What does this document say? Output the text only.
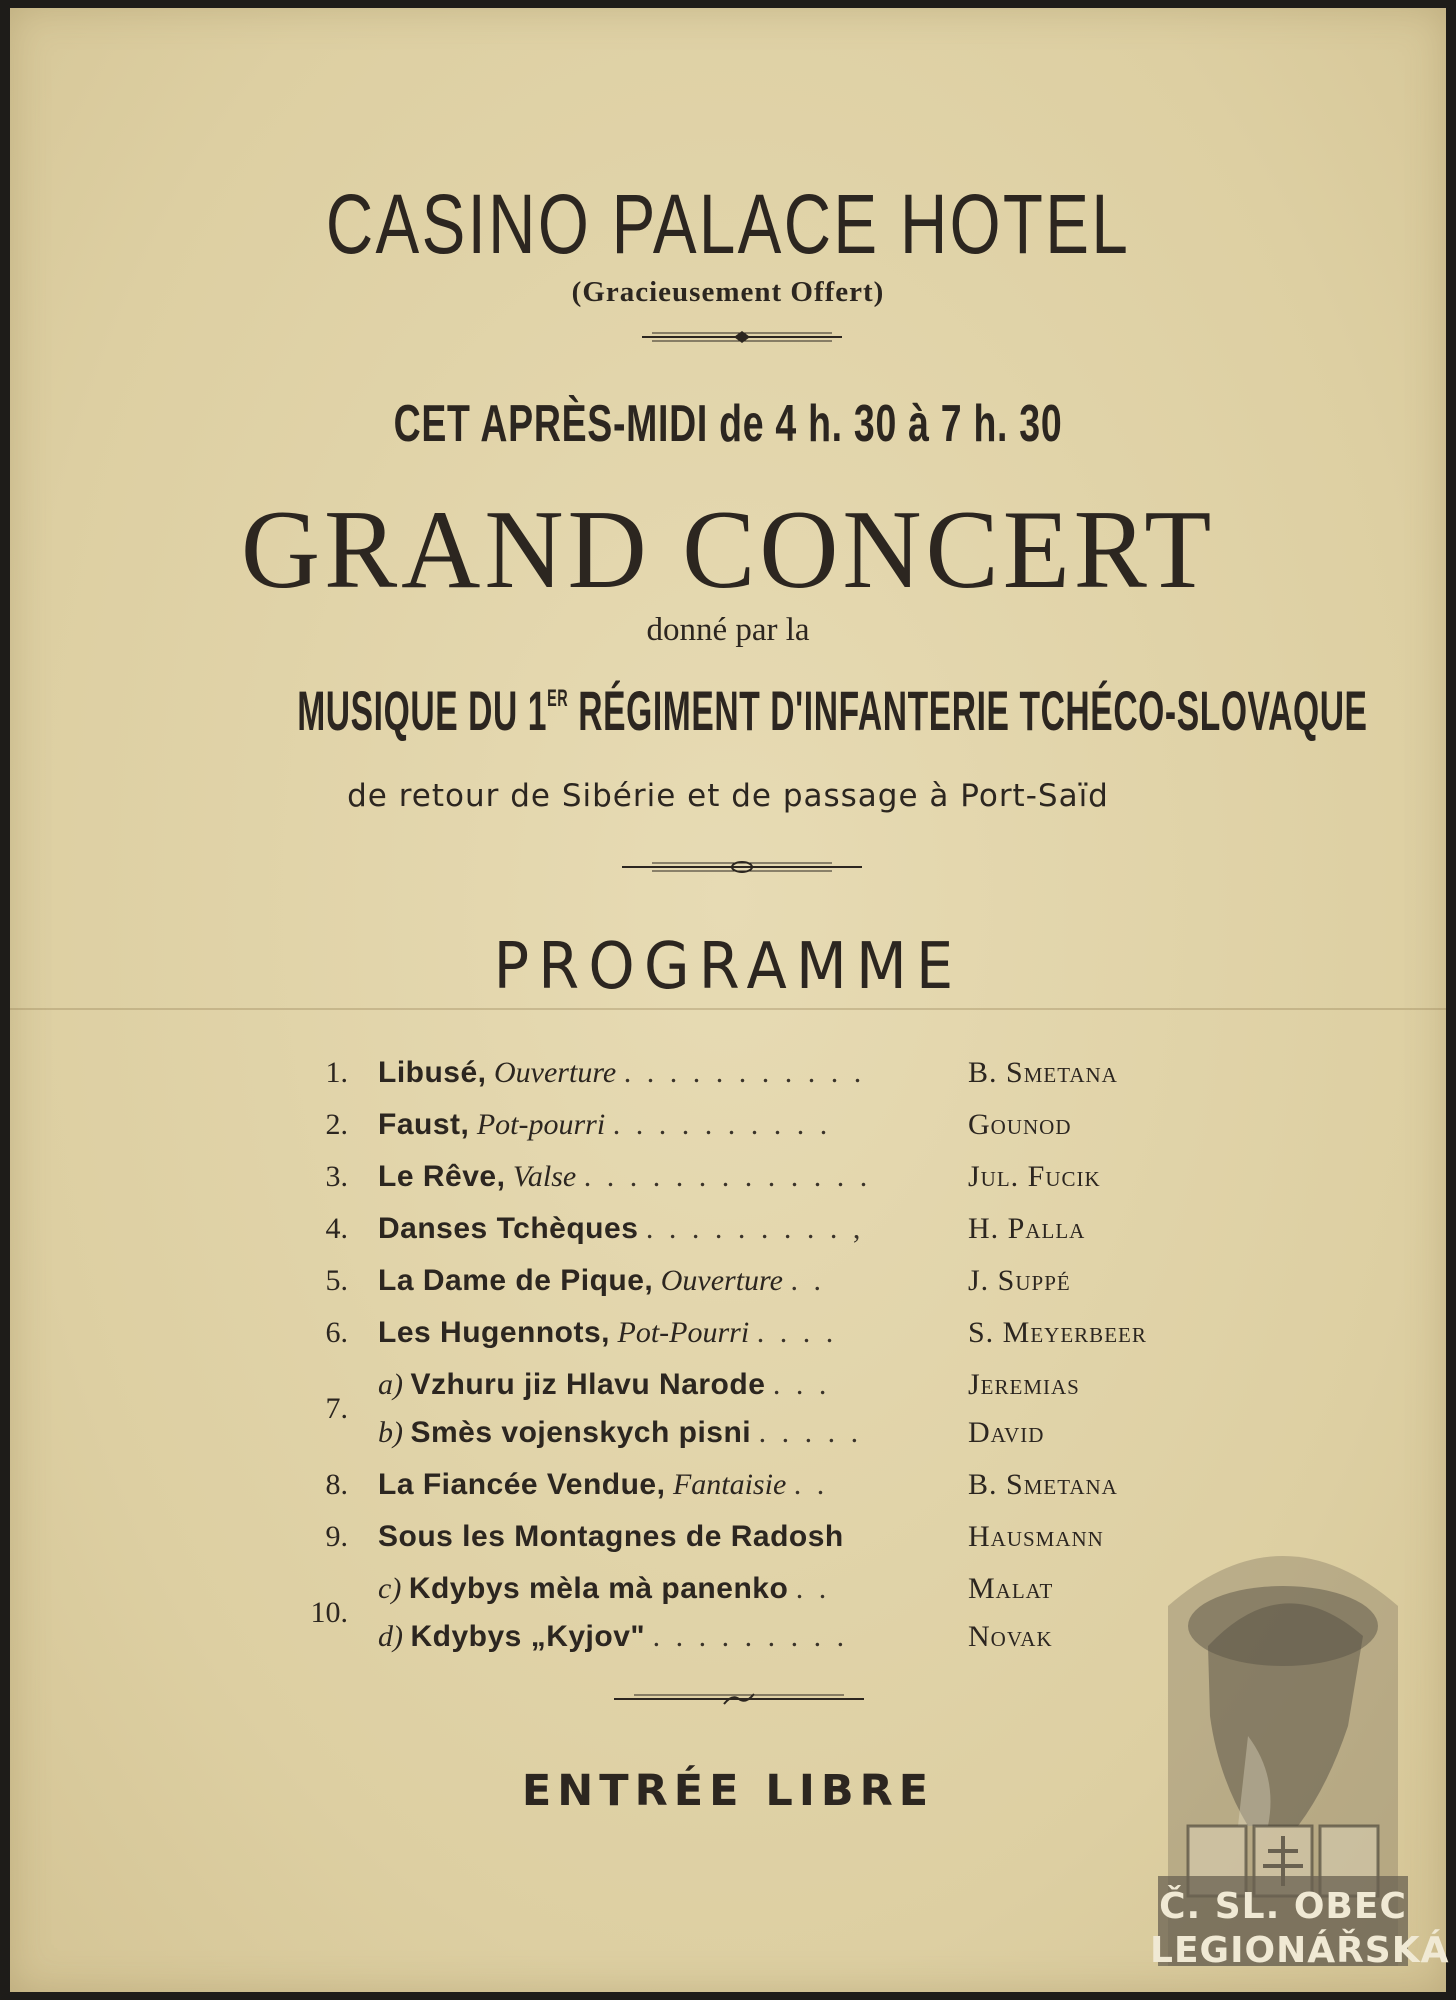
CASINO PALACE HOTEL
(Gracieusement Offert)
CET APRÈS-MIDI de 4 h. 30 à 7 h. 30
GRAND CONCERT
donné par la
MUSIQUE DU 1ER RÉGIMENT D'INFANTERIE TCHÉCO-SLOVAQUE
de retour de Sibérie et de passage à Port-Saïd
PROGRAMME
1. Libusé, Ouverture . . . . . . . . . . .	B. Smetana
2. Faust, Pot-pourri . . . . . . . . . .	Gounod
3. Le Rêve, Valse . . . . . . . . . . . . .	Jul. Fucik
4. Danses Tchèques . . . . . . . . . ,	H. Palla
5. La Dame de Pique, Ouverture . .	J. Suppé
6. Les Hugennots, Pot-Pourri . . . .	S. Meyerbeer
7.
a) Vzhuru jiz Hlavu Narode . . .	Jeremias
b) Smès vojenskych pisni . . . . .	David
8. La Fiancée Vendue, Fantaisie . .	B. Smetana
9. Sous les Montagnes de Radosh	Hausmann
10.
c) Kdybys mèla mà panenko . .	Malat
d) Kdybys „Kyjov" . . . . . . . . .	Novak
ENTRÉE LIBRE
Č. SL. OBEC
LEGIONÁŘSKÁ
